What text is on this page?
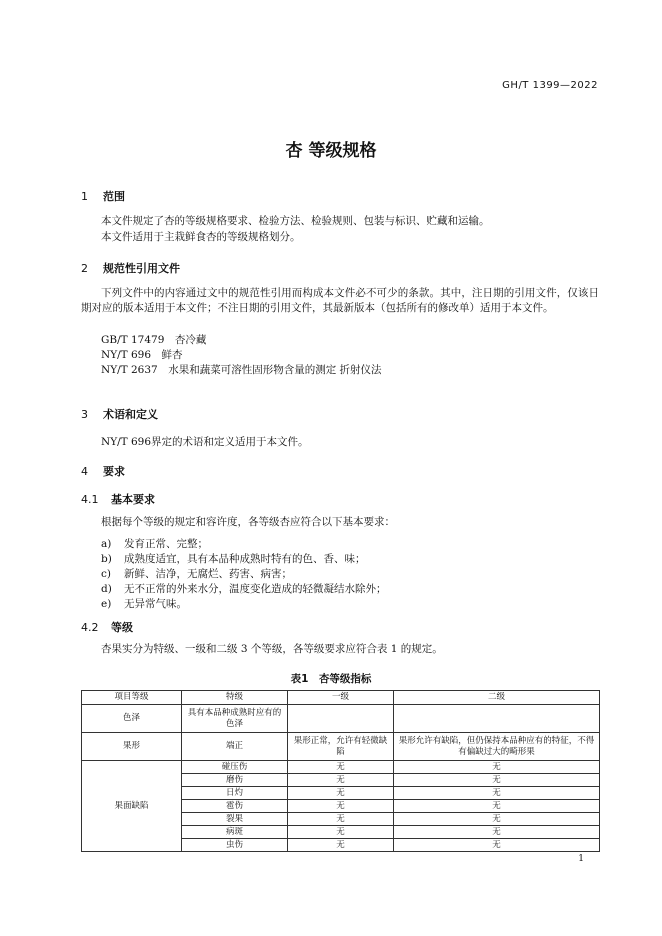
GH/T 1399—2022
杏 等级规格
1 范围
本文件规定了杏的等级规格要求、检验方法、检验规则、包装与标识、贮藏和运输。
本文件适用于主栽鲜食杏的等级规格划分。
2 规范性引用文件
下列文件中的内容通过文中的规范性引用而构成本文件必不可少的条款。其中，注日期的引用文件，仅该日期对应的版本适用于本文件；不注日期的引用文件，其最新版本（包括所有的修改单）适用于本文件。
GB/T 17479　杏冷藏
NY/T 696　鲜杏
NY/T 2637　水果和蔬菜可溶性固形物含量的测定 折射仪法
3 术语和定义
NY/T 696界定的术语和定义适用于本文件。
4 要求
4.1 基本要求
根据每个等级的规定和容许度，各等级杏应符合以下基本要求：
a) 发育正常、完整；
b) 成熟度适宜，具有本品种成熟时特有的色、香、味；
c) 新鲜、洁净，无腐烂、药害、病害；
d) 无不正常的外来水分，温度变化造成的轻微凝结水除外；
e) 无异常气味。
4.2 等级
杏果实分为特级、一级和二级 3 个等级，各等级要求应符合表 1 的规定。
表1　杏等级指标
项目等级	特级	一级	二级
色泽	具有本品种成熟时应有的色泽		
果形	端正	果形正常，允许有轻微缺陷	果形允许有缺陷，但仍保持本品种应有的特征，不得有偏缺过大的畸形果
果面缺陷	碰压伤	无	无
	磨伤	无	无
	日灼	无	无
	雹伤	无	无
	裂果	无	无
	病斑	无	无
	虫伤	无	无
1
